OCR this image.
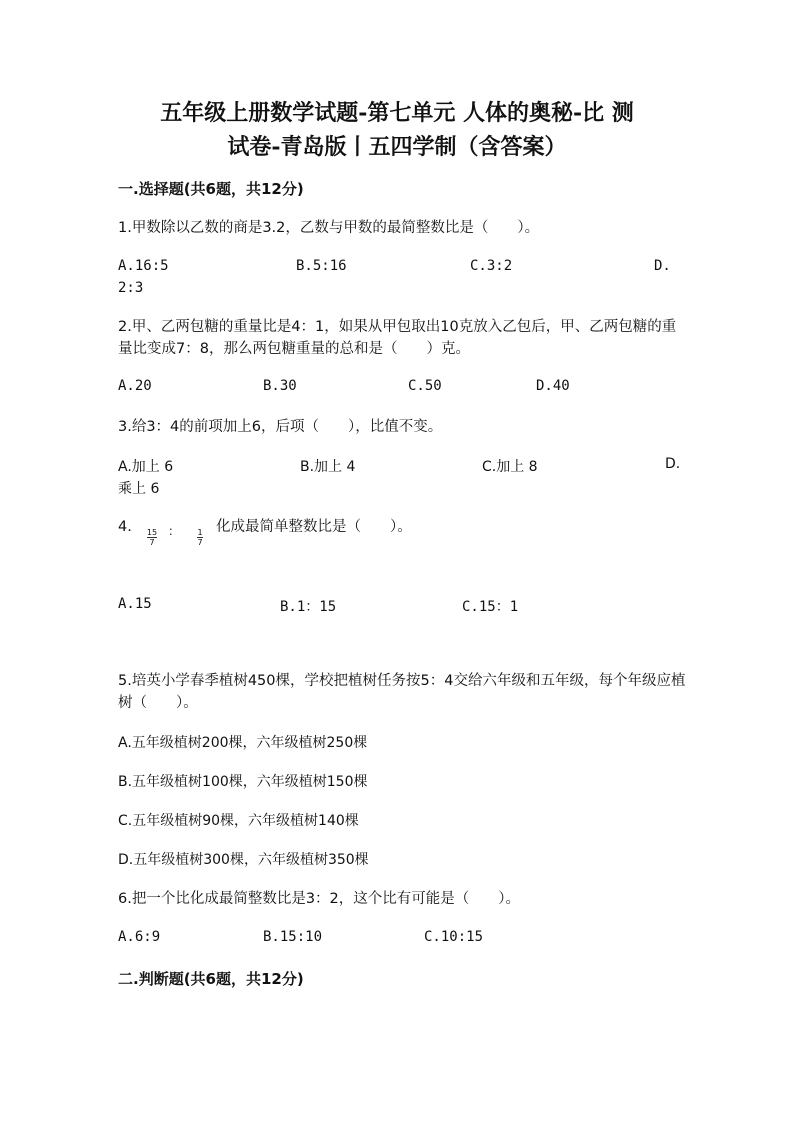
五年级上册数学试题-第七单元 人体的奥秘-比 测
试卷-青岛版丨五四学制（含答案）
一.选择题(共6题，共12分)
1.甲数除以乙数的商是3.2，乙数与甲数的最简整数比是（　　）。
A.16:5	B.5:16	C.3:2	D.
2:3
2.甲、乙两包糖的重量比是4：1，如果从甲包取出10克放入乙包后，甲、乙两包糖的重量比变成7：8，那么两包糖重量的总和是（　　）克。
A.20	B.30	C.50	D.40
3.给3：4的前项加上6，后项（　　），比值不变。
A.加上 6	B.加上 4	C.加上 8	D.
乘上 6
4.	15
7
： 1
7
化成最简单整数比是（　　）。
A.15	B.1：15	C.15：1
5.培英小学春季植树450棵，学校把植树任务按5：4交给六年级和五年级，每个年级应植树（　　）。
A.五年级植树200棵，六年级植树250棵
B.五年级植树100棵，六年级植树150棵
C.五年级植树90棵，六年级植树140棵
D.五年级植树300棵，六年级植树350棵
6.把一个比化成最简整数比是3：2，这个比有可能是（　　）。
A.6:9	B.15:10	C.10:15
二.判断题(共6题，共12分)
